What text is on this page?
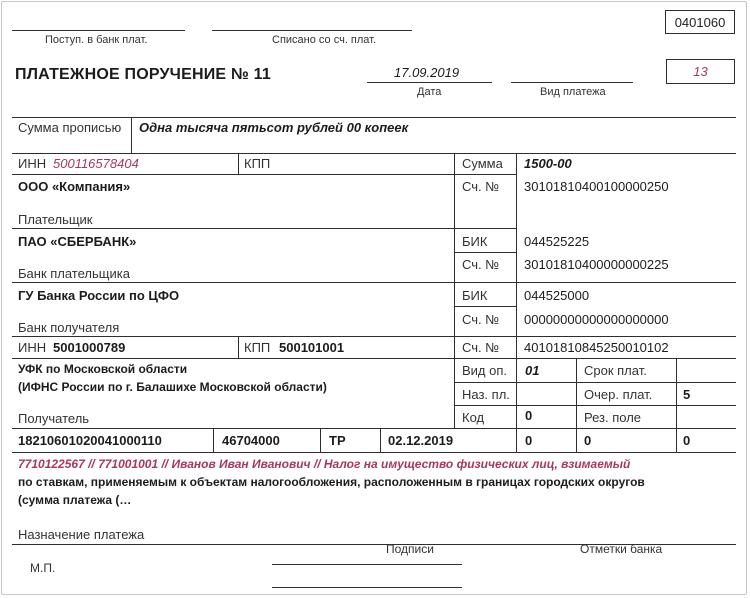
Поступ. в банк плат.	Списано со сч. плат.
0401060
ПЛАТЕЖНОЕ ПОРУЧЕНИЕ № 11	17.09.2019
Дата	Вид платежа
13
Сумма прописью Одна тысяча пятьсот рублей 00 копеек
ИНН 500116578404	КПП	Сумма 1500-00
ООО «Компания»
Плательщик
Сч. № 30101810400100000250
ПАО «СБЕРБАНК»
Банк плательщика
БИК	044525225
Сч. № 30101810400000000225
ГУ Банка России по ЦФО
Банк получателя
БИК	044525000
Сч. № 00000000000000000000
ИНН 5001000789	КПП 500101001	Сч. № 40101810845250010102
УФК по Московской области
(ИФНС России по г. Балашихе Московской области)
Получатель
Вид оп. 01	Срок плат.
Наз. пл.	Очер. плат. 5
Код	0	Рез. поле
18210601020041000110	46704000	ТР	02.12.2019	0	0	0
7710122567 // 771001001 // Иванов Иван Иванович // Налог на имущество физических лиц, взимаемый
по ставкам, применяемым к объектам налогообложения, расположенным в границах городских округов
(сумма платежа (…
Назначение платежа
Подписи	Отметки банка
М.П.
